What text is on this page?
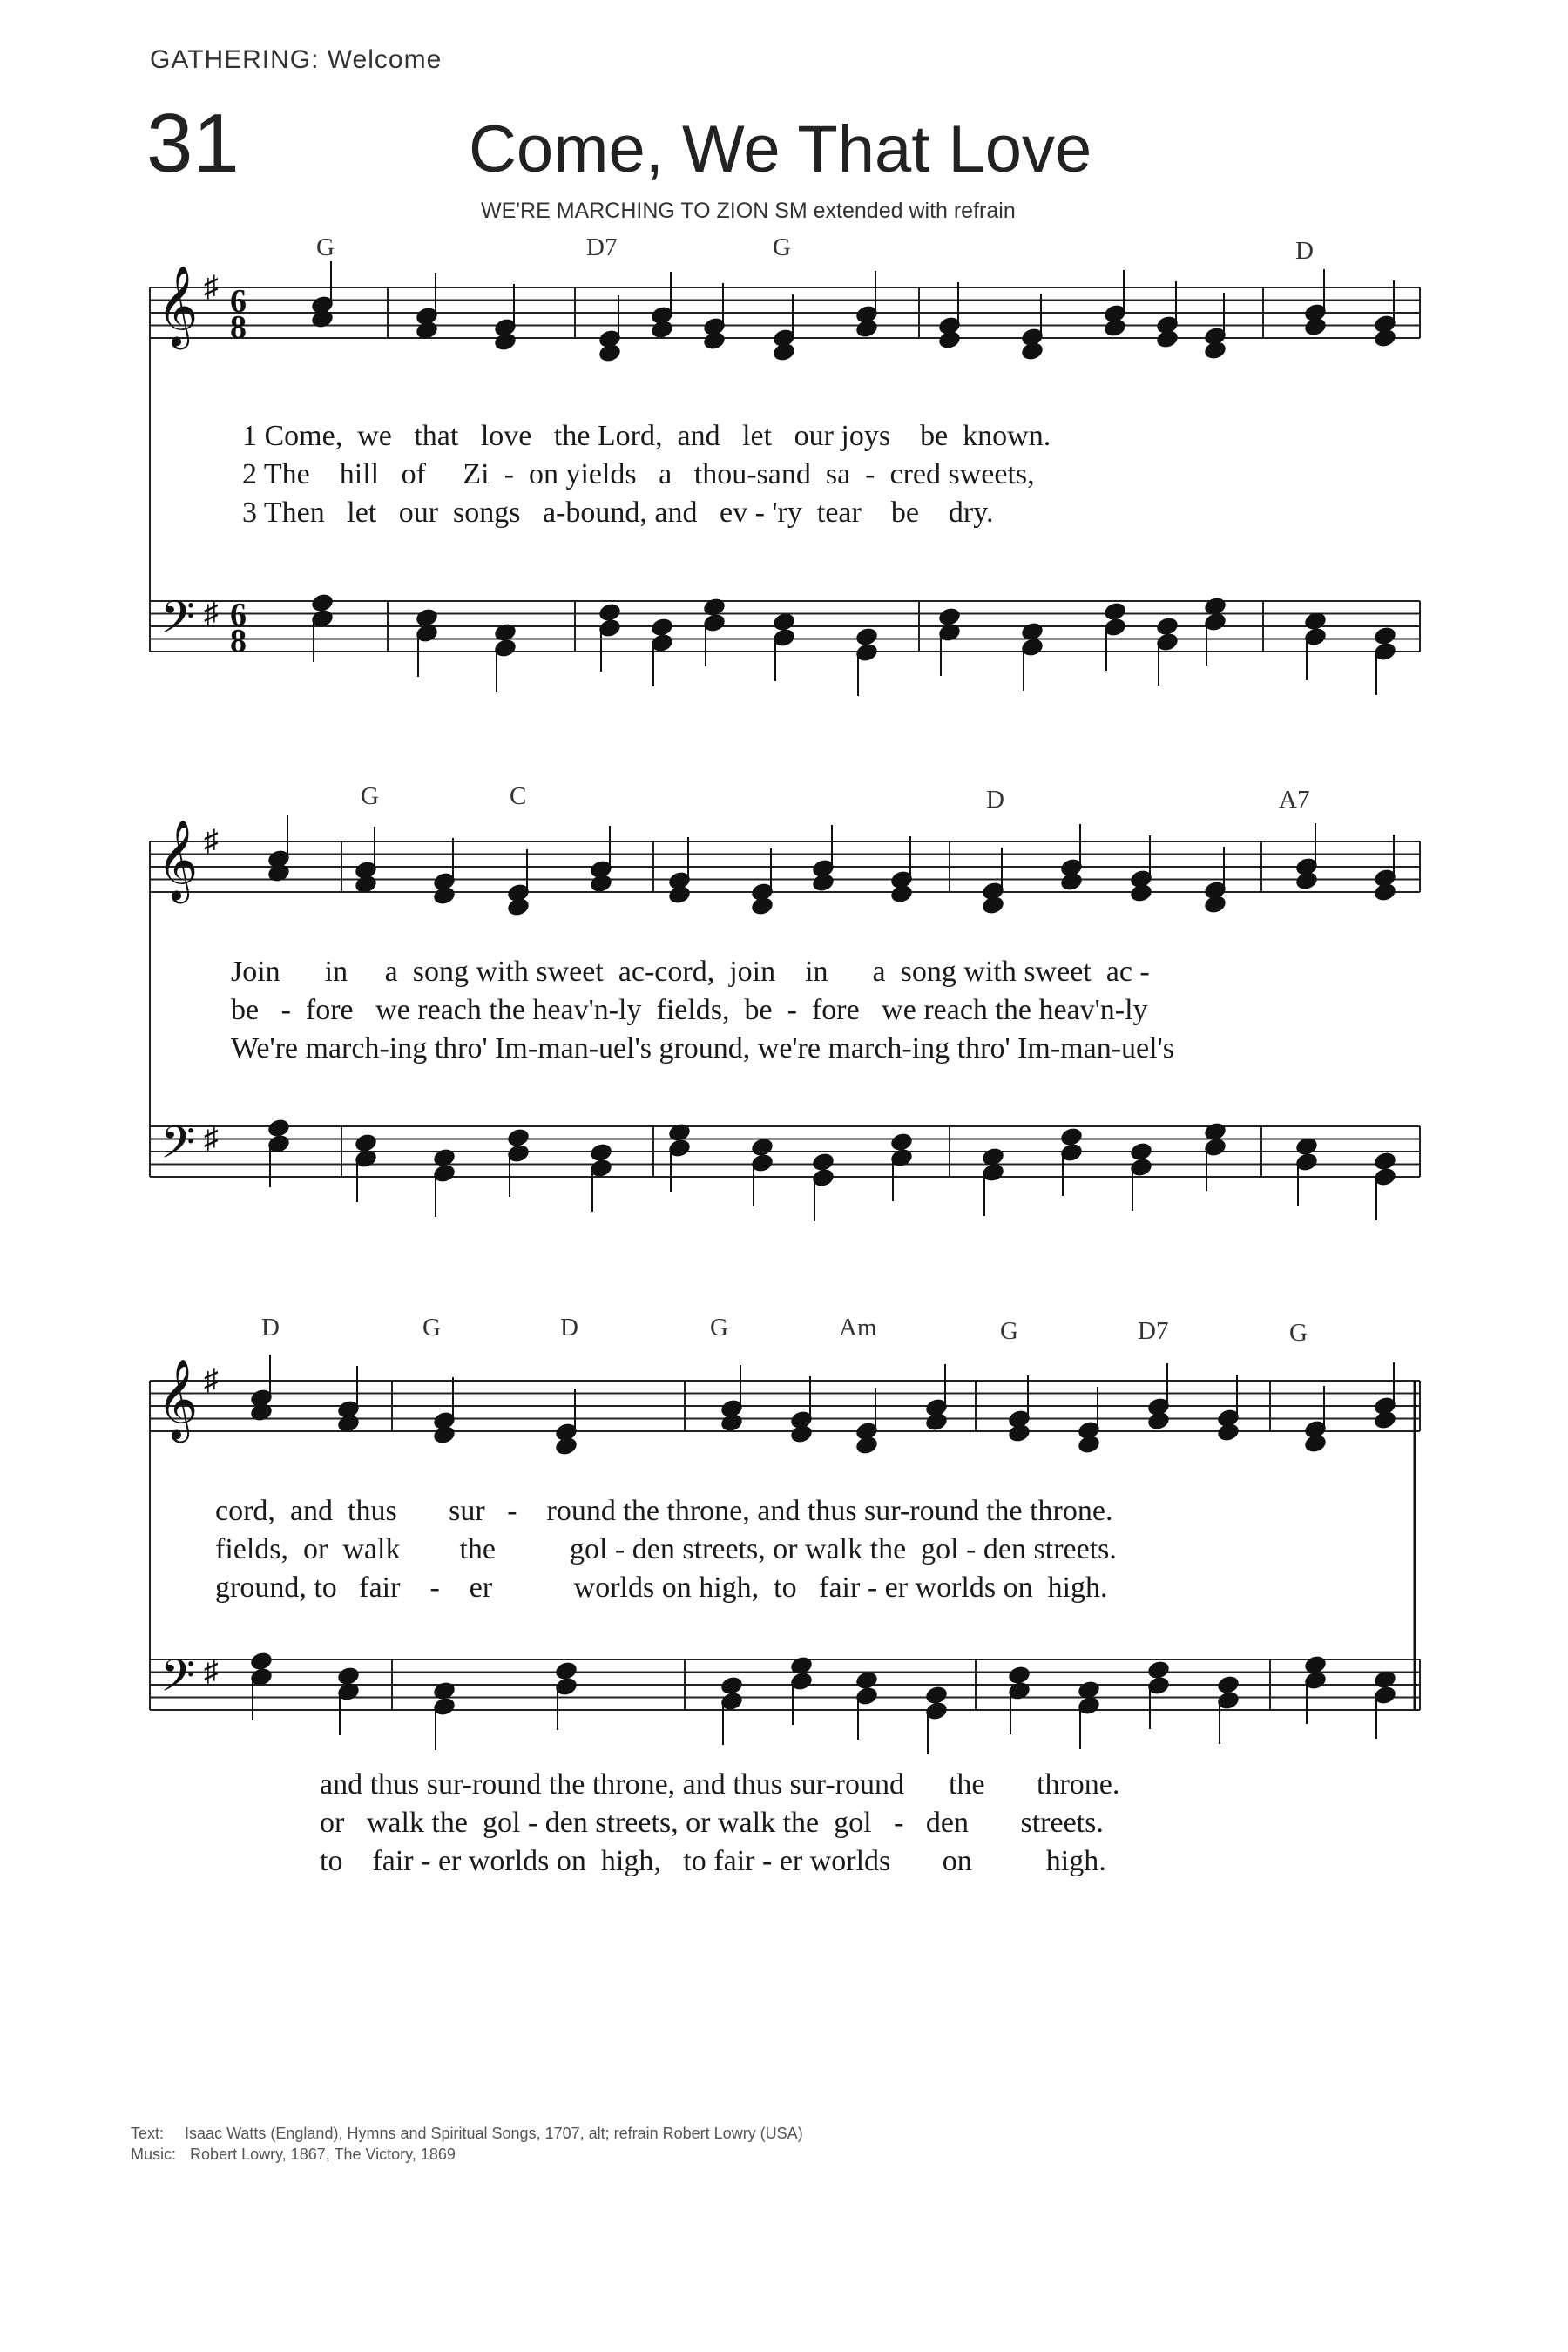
GATHERING: Welcome
31	Come, We That Love
WE'RE MARCHING TO ZION SM extended with refrain
G	D7	G	D
1 Come,  we   that   love   the Lord,  and   let   our joys    be  known.
2 The    hill   of     Zi  -  on yields   a   thou-sand  sa  -  cred sweets,
3 Then   let   our  songs   a-bound, and   ev - 'ry  tear    be    dry.
G	C	D	A7
Join      in     a  song with sweet  ac-cord,  join    in      a  song with sweet  ac -
be   -  fore   we reach the heav'n-ly  fields,  be  -  fore   we reach the heav'n-ly
We're march-ing thro' Im-man-uel's ground, we're march-ing thro' Im-man-uel's
D	G	D	G	Am	G	D7	G
cord,  and  thus       sur   -    round the throne, and thus sur-round the throne.
fields,  or  walk        the          gol - den streets, or walk the  gol - den streets.
ground, to   fair    -    er           worlds on high,  to   fair - er worlds on  high.
and thus sur-round the throne, and thus sur-round      the       throne.
or   walk the  gol - den streets, or walk the  gol   -   den       streets.
to    fair - er worlds on  high,   to fair - er worlds       on          high.
𝄞
𝄢
♯
♯
6
8
6
8
𝄞
𝄢
♯
♯
𝄞
𝄢
♯
♯
Text: Isaac Watts (England), Hymns and Spiritual Songs, 1707, alt; refrain Robert Lowry (USA)
Music: Robert Lowry, 1867, The Victory, 1869
